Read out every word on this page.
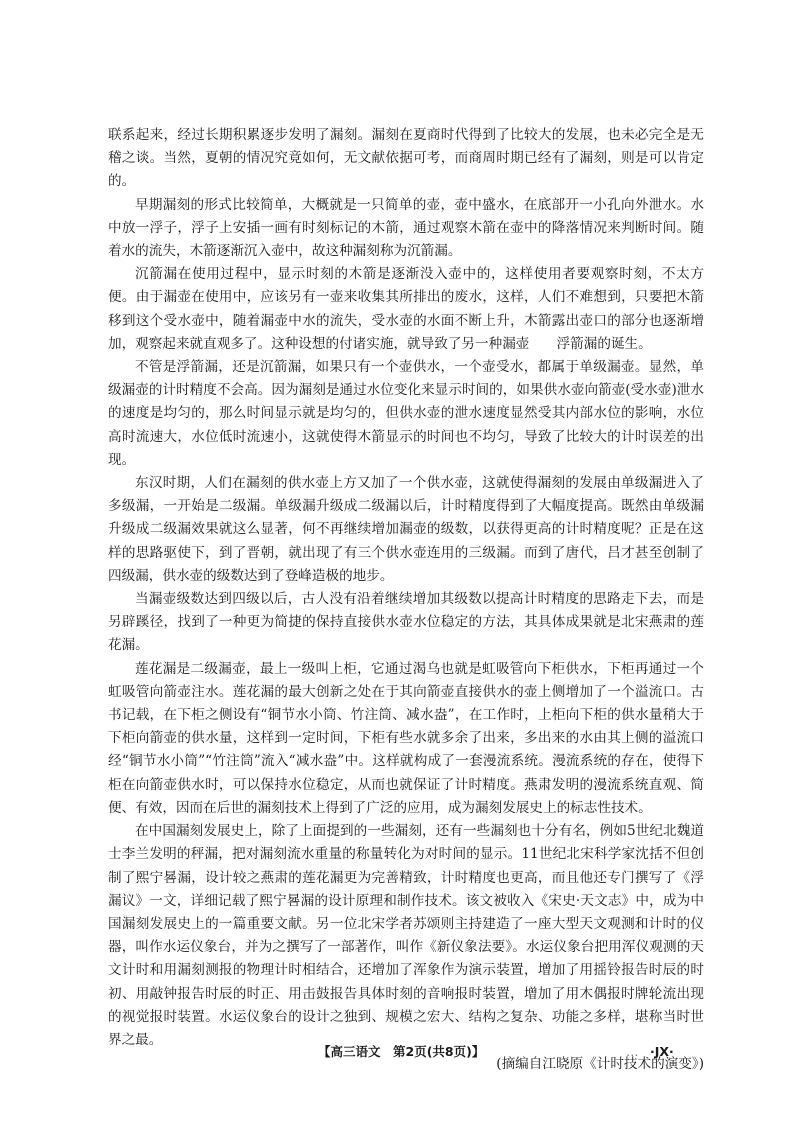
联系起来，经过长期积累逐步发明了漏刻。漏刻在夏商时代得到了比较大的发展，也未必完全是无稽之谈。当然，夏朝的情况究竟如何，无文献依据可考，而商周时期已经有了漏刻，则是可以肯定的。

早期漏刻的形式比较简单，大概就是一只简单的壶，壶中盛水，在底部开一小孔向外泄水。水中放一浮子，浮子上安插一画有时刻标记的木箭，通过观察木箭在壶中的降落情况来判断时间。随着水的流失，木箭逐渐沉入壶中，故这种漏刻称为沉箭漏。

沉箭漏在使用过程中，显示时刻的木箭是逐渐没入壶中的，这样使用者要观察时刻，不太方便。由于漏壶在使用中，应该另有一壶来收集其所排出的废水，这样，人们不难想到，只要把木箭移到这个受水壶中，随着漏壶中水的流失，受水壶的水面不断上升，木箭露出壶口的部分也逐渐增加，观察起来就直观多了。这种设想的付诸实施，就导致了另一种漏壶　　浮箭漏的诞生。

不管是浮箭漏，还是沉箭漏，如果只有一个壶供水，一个壶受水，都属于单级漏壶。显然，单级漏壶的计时精度不会高。因为漏刻是通过水位变化来显示时间的，如果供水壶向箭壶(受水壶)泄水的速度是均匀的，那么时间显示就是均匀的，但供水壶的泄水速度显然受其内部水位的影响，水位高时流速大，水位低时流速小，这就使得木箭显示的时间也不均匀，导致了比较大的计时误差的出现。

东汉时期，人们在漏刻的供水壶上方又加了一个供水壶，这就使得漏刻的发展由单级漏进入了多级漏，一开始是二级漏。单级漏升级成二级漏以后，计时精度得到了大幅度提高。既然由单级漏升级成二级漏效果就这么显著，何不再继续增加漏壶的级数，以获得更高的计时精度呢？正是在这样的思路驱使下，到了晋朝，就出现了有三个供水壶连用的三级漏。而到了唐代，吕才甚至创制了四级漏，供水壶的级数达到了登峰造极的地步。

当漏壶级数达到四级以后，古人没有沿着继续增加其级数以提高计时精度的思路走下去，而是另辟蹊径，找到了一种更为简捷的保持直接供水壶水位稳定的方法，其具体成果就是北宋燕肃的莲花漏。

莲花漏是二级漏壶，最上一级叫上柜，它通过渴乌也就是虹吸管向下柜供水，下柜再通过一个虹吸管向箭壶注水。莲花漏的最大创新之处在于其向箭壶直接供水的壶上侧增加了一个溢流口。古书记载，在下柜之侧设有“铜节水小筒、竹注筒、减水盎”，在工作时，上柜向下柜的供水量稍大于下柜向箭壶的供水量，这样到一定时间，下柜有些水就多余了出来，多出来的水由其上侧的溢流口经“铜节水小筒”“竹注筒”流入“减水盎”中。这样就构成了一套漫流系统。漫流系统的存在，使得下柜在向箭壶供水时，可以保持水位稳定，从而也就保证了计时精度。燕肃发明的漫流系统直观、简便、有效，因而在后世的漏刻技术上得到了广泛的应用，成为漏刻发展史上的标志性技术。

在中国漏刻发展史上，除了上面提到的一些漏刻，还有一些漏刻也十分有名，例如5世纪北魏道士李兰发明的秤漏，把对漏刻流水重量的称量转化为对时间的显示。11世纪北宋科学家沈括不但创制了熙宁晷漏，设计较之燕肃的莲花漏更为完善精致，计时精度也更高，而且他还专门撰写了《浮漏议》一文，详细记载了熙宁晷漏的设计原理和制作技术。该文被收入《宋史·天文志》中，成为中国漏刻发展史上的一篇重要文献。另一位北宋学者苏颂则主持建造了一座大型天文观测和计时的仪器，叫作水运仪象台，并为之撰写了一部著作，叫作《新仪象法要》。水运仪象台把用浑仪观测的天文计时和用漏刻测报的物理计时相结合，还增加了浑象作为演示装置，增加了用摇铃报告时辰的时初、用敲钟报告时辰的时正、用击鼓报告具体时刻的音响报时装置，增加了用木偶报时牌轮流出现的视觉报时装置。水运仪象台的设计之独到、规模之宏大、结构之复杂、功能之多样，堪称当时世界之最。

(摘编自江晓原《计时技术的演变》)

【高三语文　第2页(共8页)】	… ·JX·
